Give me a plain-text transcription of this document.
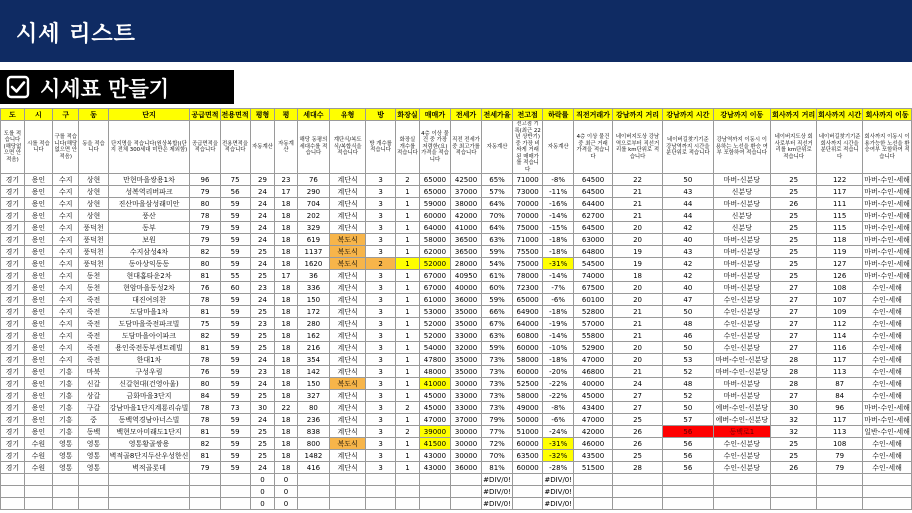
시세 리스트
시세표 만들기
도	시	구	동	단지	공급면적	전용면적	평형	평	세대수	유형	방	화장실	매매가	전세가	전세가율	전고점	하락률	직전거래가	강남까지 거리	강남까지 시간	강남까지 이동	회사까지 거리	회사까지 시간	회사까지 이동
도를 적습니다(해당없으면 안적음)	시를 적습니다	구를 적습니다(해당없으면 안적음)	동을 적습니다	단지명을 적습니다(원상복합)(단지 전체 300세대 미만은 제외함)	공급면적을 적습니다	전용면적을 적습니다	자동계산	자동계산	해당 동평의 세대수를 적습니다	계단식/복도식/복합식을 적습니다	방 개수를 적습니다	화장실 개수를 적습니다	4층 이상 물건 중 가장 저렴한(요) 가격을 적습니다	직전 전세가 중 최고가를 적습니다	자동계산	전고점 기록(최근 22년 상반기) 중 가장 비싸게 거래된 매매가를 적습니다	자동계산	4층 이상 물건 중 최근 거래 가격을 적습니다	네이버지도상 강남역으로부터 직선거리를 km단위로 적습니다	네이버길찾기기준 강남역까지 시간을 분단위로 적습니다	강남역까지 이동시 이용하는 노선을 환승 여부 포함하여 적습니다	네이버지도상 회사로부터 직선거리를 km단위로 적습니다	네이버길찾기기준 회사까지 시간을 분단위로 적습니다	회사까지 이동시 이용가능한 노선을 환승여부 포함하여 적습니다
경기	용인	수지	상현	만현마을쌍용1차	96	75	29	23	76	계단식	3	2	65000	42500	65%	71000	-8%	64500	22	50	마버-신분당	25	122	마버-수인-세해
경기	용인	수지	상현	성복역리버파크	79	56	24	17	290	계단식	3	1	65000	37000	57%	73000	-11%	64500	21	43	신분당	25	117	마버-수인-세해
경기	용인	수지	상현	진산마을삼성래미안	80	59	24	18	704	계단식	3	1	59000	38000	64%	70000	-16%	64400	21	44	마버-신분당	26	111	마버-수인-세해
경기	용인	수지	상현	풍산	78	59	24	18	202	계단식	3	1	60000	42000	70%	70000	-14%	62700	21	44	신분당	25	115	마버-수인-세해
경기	용인	수지	풍덕천	동부	79	59	24	18	329	계단식	3	1	64000	41000	64%	75000	-15%	64500	20	42	신분당	25	115	마버-수인-세해
경기	용인	수지	풍덕천	보원	79	59	24	18	619	복도식	3	1	58000	36500	63%	71000	-18%	63000	20	40	마버-신분당	25	118	마버-수인-세해
경기	용인	수지	풍덕천	수지삼성4차	82	59	25	18	1137	복도식	3	1	62000	36500	59%	75500	-18%	64800	19	43	마버-신분당	25	119	마버-수인-세해
경기	용인	수지	풍덕천	동아상익동동	80	59	24	18	1620	복도식	2	1	52000	28000	54%	75000	-31%	54500	19	42	마버-신분당	25	127	마버-수인-세해
경기	용인	수지	동천	현대홈타운2차	81	55	25	17	36	계단식	3	1	67000	40950	61%	78000	-14%	74000	18	42	마버-신분당	25	126	마버-수인-세해
경기	용인	수지	동천	현암마을동성2차	76	60	23	18	336	계단식	3	1	67000	40000	60%	72300	-7%	67500	20	40	마버-신분당	27	108	수인-세해
경기	용인	수지	죽전	대진여의찬	78	59	24	18	150	계단식	3	1	61000	36000	59%	65000	-6%	60100	20	47	수인-신분당	27	107	수인-세해
경기	용인	수지	죽전	도담마을1차	81	59	25	18	172	계단식	3	1	53000	35000	66%	64900	-18%	52800	21	50	수인-신분당	27	109	수인-세해
경기	용인	수지	죽전	도담마을죽전파크빌	75	59	23	18	280	계단식	3	1	52000	35000	67%	64000	-19%	57000	21	48	수인-신분당	27	112	수인-세해
경기	용인	수지	죽전	도담마을아이파크	82	59	25	18	162	계단식	3	1	52000	33000	63%	60800	-14%	55800	21	46	수인-신분당	27	114	수인-세해
경기	용인	수지	죽전	용인죽전동부센트레빌	81	59	25	18	216	계단식	3	1	54000	32000	59%	60000	-10%	52900	20	50	수인-신분당	27	116	수인-세해
경기	용인	수지	죽전	한대1차	78	59	24	18	354	계단식	3	1	47800	35000	73%	58000	-18%	47000	20	53	마버-수인-신분당	28	117	수인-세해
경기	용인	기흥	마북	구성우림	76	59	23	18	142	계단식	3	1	48000	35000	73%	60000	-20%	46800	21	52	마버-수인-신분당	28	113	수인-세해
경기	용인	기흥	신갈	신갈현대(건영아울)	80	59	24	18	150	복도식	3	1	41000	30000	73%	52500	-22%	40000	24	48	마버-신분당	28	87	수인-세해
경기	용인	기흥	상갈	금화마을3단지	84	59	25	18	327	계단식	3	1	45000	33000	73%	58000	-22%	45000	27	52	마버-신분당	27	84	수인-세해
경기	용인	기흥	구갈	강남마을1단지계룡리슈빌	78	73	30	22	80	계단식	3	2	45000	33000	73%	49000	-8%	43400	27	50	에버-수인-신분당	30	96	마버-수인-세해
경기	용인	기흥	중	동백역경남아너스빌	78	59	24	18	236	계단식	3	1	47000	37000	79%	50000	-6%	47000	25	57	에버-수인-신분당	32	117	마버-수인-세해
경기	용인	기흥	동백	백현모아미래도1단지	81	59	25	18	838	계단식	3	2	39000	30000	77%	51000	-24%	42000	26	56	동백로1	32	113	일반-수인-세해
경기	수원	영통	영통	영통황골쌍용	82	59	25	18	800	복도식	3	1	41500	30000	72%	60000	-31%	46000	26	56	수인-신분당	25	108	수인-세해
경기	수원	영통	영통	벽적골8단지두산우성한신	81	59	25	18	1482	계단식	3	1	43000	30000	70%	63500	-32%	43500	25	56	수인-신분당	25	79	수인-세해
경기	수원	영통	영통	벽적골롯데	79	59	24	18	416	계단식	3	1	43000	36000	81%	60000	-28%	51500	28	56	수인-신분당	26	79	수인-세해
							0	0							#DIV/0!		#DIV/0!							
							0	0							#DIV/0!		#DIV/0!							
							0	0							#DIV/0!		#DIV/0!							
